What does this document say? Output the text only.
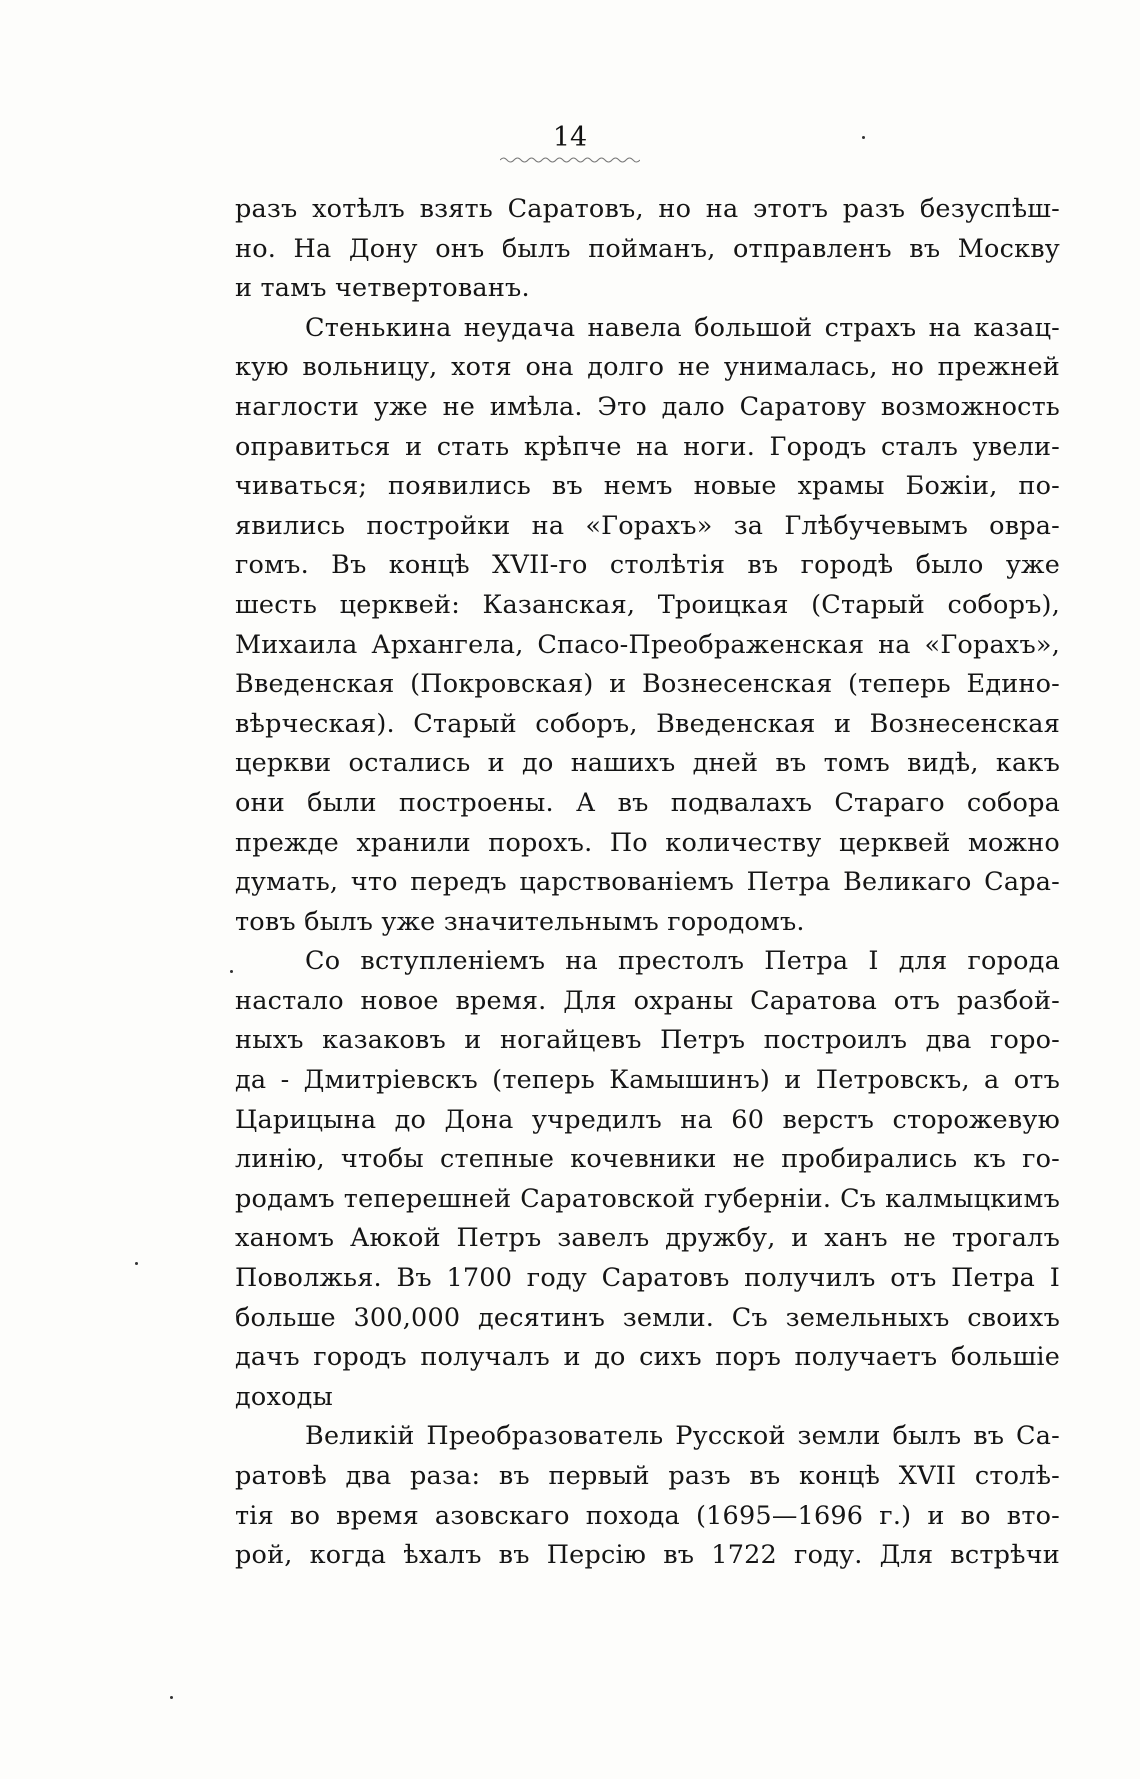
14
разъ хотѣлъ взять Саратовъ, но на этотъ разъ безуспѣш-
но. На Дону онъ былъ пойманъ, отправленъ въ Москву
и тамъ четвертованъ.
Стенькина неудача навела большой страхъ на казац-
кую вольницу, хотя она долго не унималась, но прежней
наглости уже не имѣла. Это дало Саратову возможность
оправиться и стать крѣпче на ноги. Городъ сталъ увели-
чиваться; появились въ немъ новые храмы Божіи, по-
явились постройки на «Горахъ» за Глѣбучевымъ овра-
гомъ. Въ концѣ XVII-го столѣтія въ городѣ было уже
шесть церквей: Казанская, Троицкая (Старый соборъ),
Михаила Архангела, Спасо-Преображенская на «Горахъ»,
Введенская (Покровская) и Вознесенская (теперь Едино-
вѣрческая). Старый соборъ, Введенская и Вознесенская
церкви остались и до нашихъ дней въ томъ видѣ, какъ
они были построены. А въ подвалахъ Стараго собора
прежде хранили порохъ. По количеству церквей можно
думать, что передъ царствованіемъ Петра Великаго Сара-
товъ былъ уже значительнымъ городомъ.
Со вступленіемъ на престолъ Петра I для города
настало новое время. Для охраны Саратова отъ разбой-
ныхъ казаковъ и ногайцевъ Петръ построилъ два горо-
да - Дмитріевскъ (теперь Камышинъ) и Петровскъ, а отъ
Царицына до Дона учредилъ на 60 верстъ сторожевую
линію, чтобы степные кочевники не пробирались къ го-
родамъ теперешней Саратовской губерніи. Съ калмыцкимъ
ханомъ Аюкой Петръ завелъ дружбу, и ханъ не трогалъ
Поволжья. Въ 1700 году Саратовъ получилъ отъ Петра I
больше 300,000 десятинъ земли. Съ земельныхъ своихъ
дачъ городъ получалъ и до сихъ поръ получаетъ большіе
доходы
Великій Преобразователь Русской земли былъ въ Са-
ратовѣ два раза: въ первый разъ въ концѣ XVII столѣ-
тія во время азовскаго похода (1695—1696 г.) и во вто-
рой, когда ѣхалъ въ Персію въ 1722 году. Для встрѣчи
